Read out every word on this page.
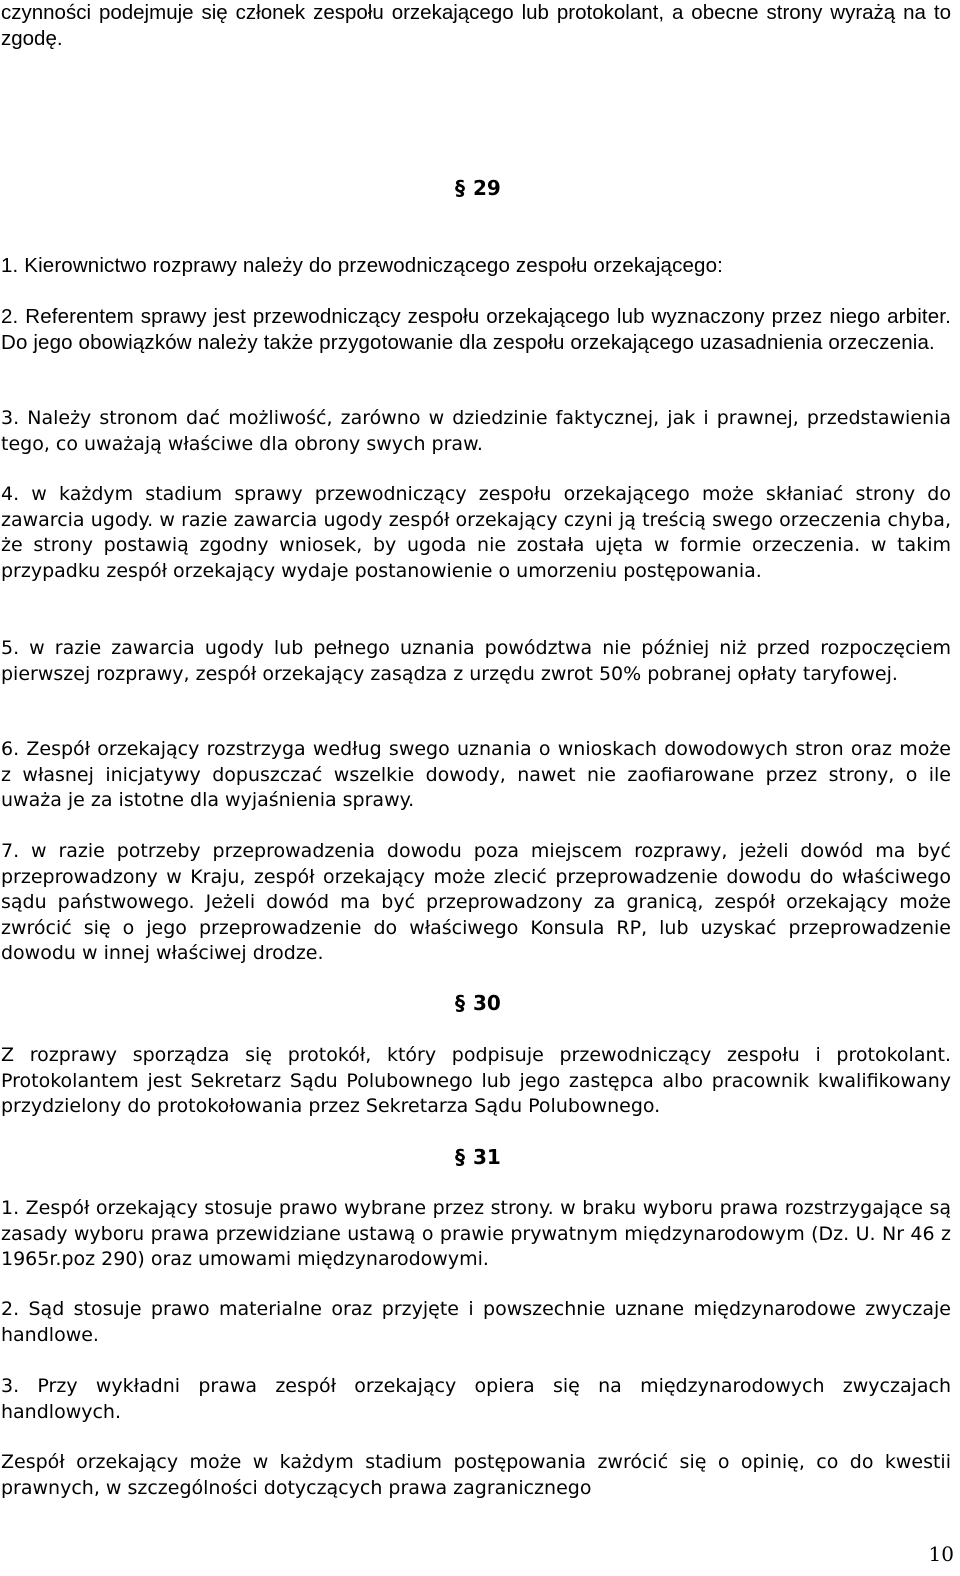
czynności podejmuje się członek zespołu orzekającego lub protokolant, a obecne strony wyrażą na to zgodę.

§ 29

1. Kierownictwo rozprawy należy do przewodniczącego zespołu orzekającego:

2. Referentem sprawy jest przewodniczący zespołu orzekającego lub wyznaczony przez niego arbiter. Do jego obowiązków należy także przygotowanie dla zespołu orzekającego uzasadnienia orzeczenia.

3. Należy stronom dać możliwość, zarówno w dziedzinie faktycznej, jak i prawnej, przedstawienia tego, co uważają właściwe dla obrony swych praw.

4. w każdym stadium sprawy przewodniczący zespołu orzekającego może skłaniać strony do zawarcia ugody. w razie zawarcia ugody zespół orzekający czyni ją treścią swego orzeczenia chyba, że strony postawią zgodny wniosek, by ugoda nie została ujęta w formie orzeczenia. w takim przypadku zespół orzekający wydaje postanowienie o umorzeniu postępowania.

5. w razie zawarcia ugody lub pełnego uznania powództwa nie później niż przed rozpoczęciem pierwszej rozprawy, zespół orzekający zasądza z urzędu zwrot 50% pobranej opłaty taryfowej.

6. Zespół orzekający rozstrzyga według swego uznania o wnioskach dowodowych stron oraz może z własnej inicjatywy dopuszczać wszelkie dowody, nawet nie zaofiarowane przez strony, o ile uważa je za istotne dla wyjaśnienia sprawy.

7. w razie potrzeby przeprowadzenia dowodu poza miejscem rozprawy, jeżeli dowód ma być przeprowadzony w Kraju, zespół orzekający może zlecić przeprowadzenie dowodu do właściwego sądu państwowego. Jeżeli dowód ma być przeprowadzony za granicą, zespół orzekający może zwrócić się o jego przeprowadzenie do właściwego Konsula RP, lub uzyskać przeprowadzenie dowodu w innej właściwej drodze.

§ 30

Z rozprawy sporządza się protokół, który podpisuje przewodniczący zespołu i protokolant. Protokolantem jest Sekretarz Sądu Polubownego lub jego zastępca albo pracownik kwalifikowany przydzielony do protokołowania przez Sekretarza Sądu Polubownego.

§ 31

1. Zespół orzekający stosuje prawo wybrane przez strony. w braku wyboru prawa rozstrzygające są zasady wyboru prawa przewidziane ustawą o prawie prywatnym międzynarodowym (Dz. U. Nr 46 z 1965r.poz 290) oraz umowami międzynarodowymi.

2. Sąd stosuje prawo materialne oraz przyjęte i powszechnie uznane międzynarodowe zwyczaje handlowe.

3. Przy wykładni prawa zespół orzekający opiera się na międzynarodowych zwyczajach handlowych.

Zespół orzekający może w każdym stadium postępowania zwrócić się o opinię, co do kwestii prawnych, w szczególności dotyczących prawa zagranicznego

10
